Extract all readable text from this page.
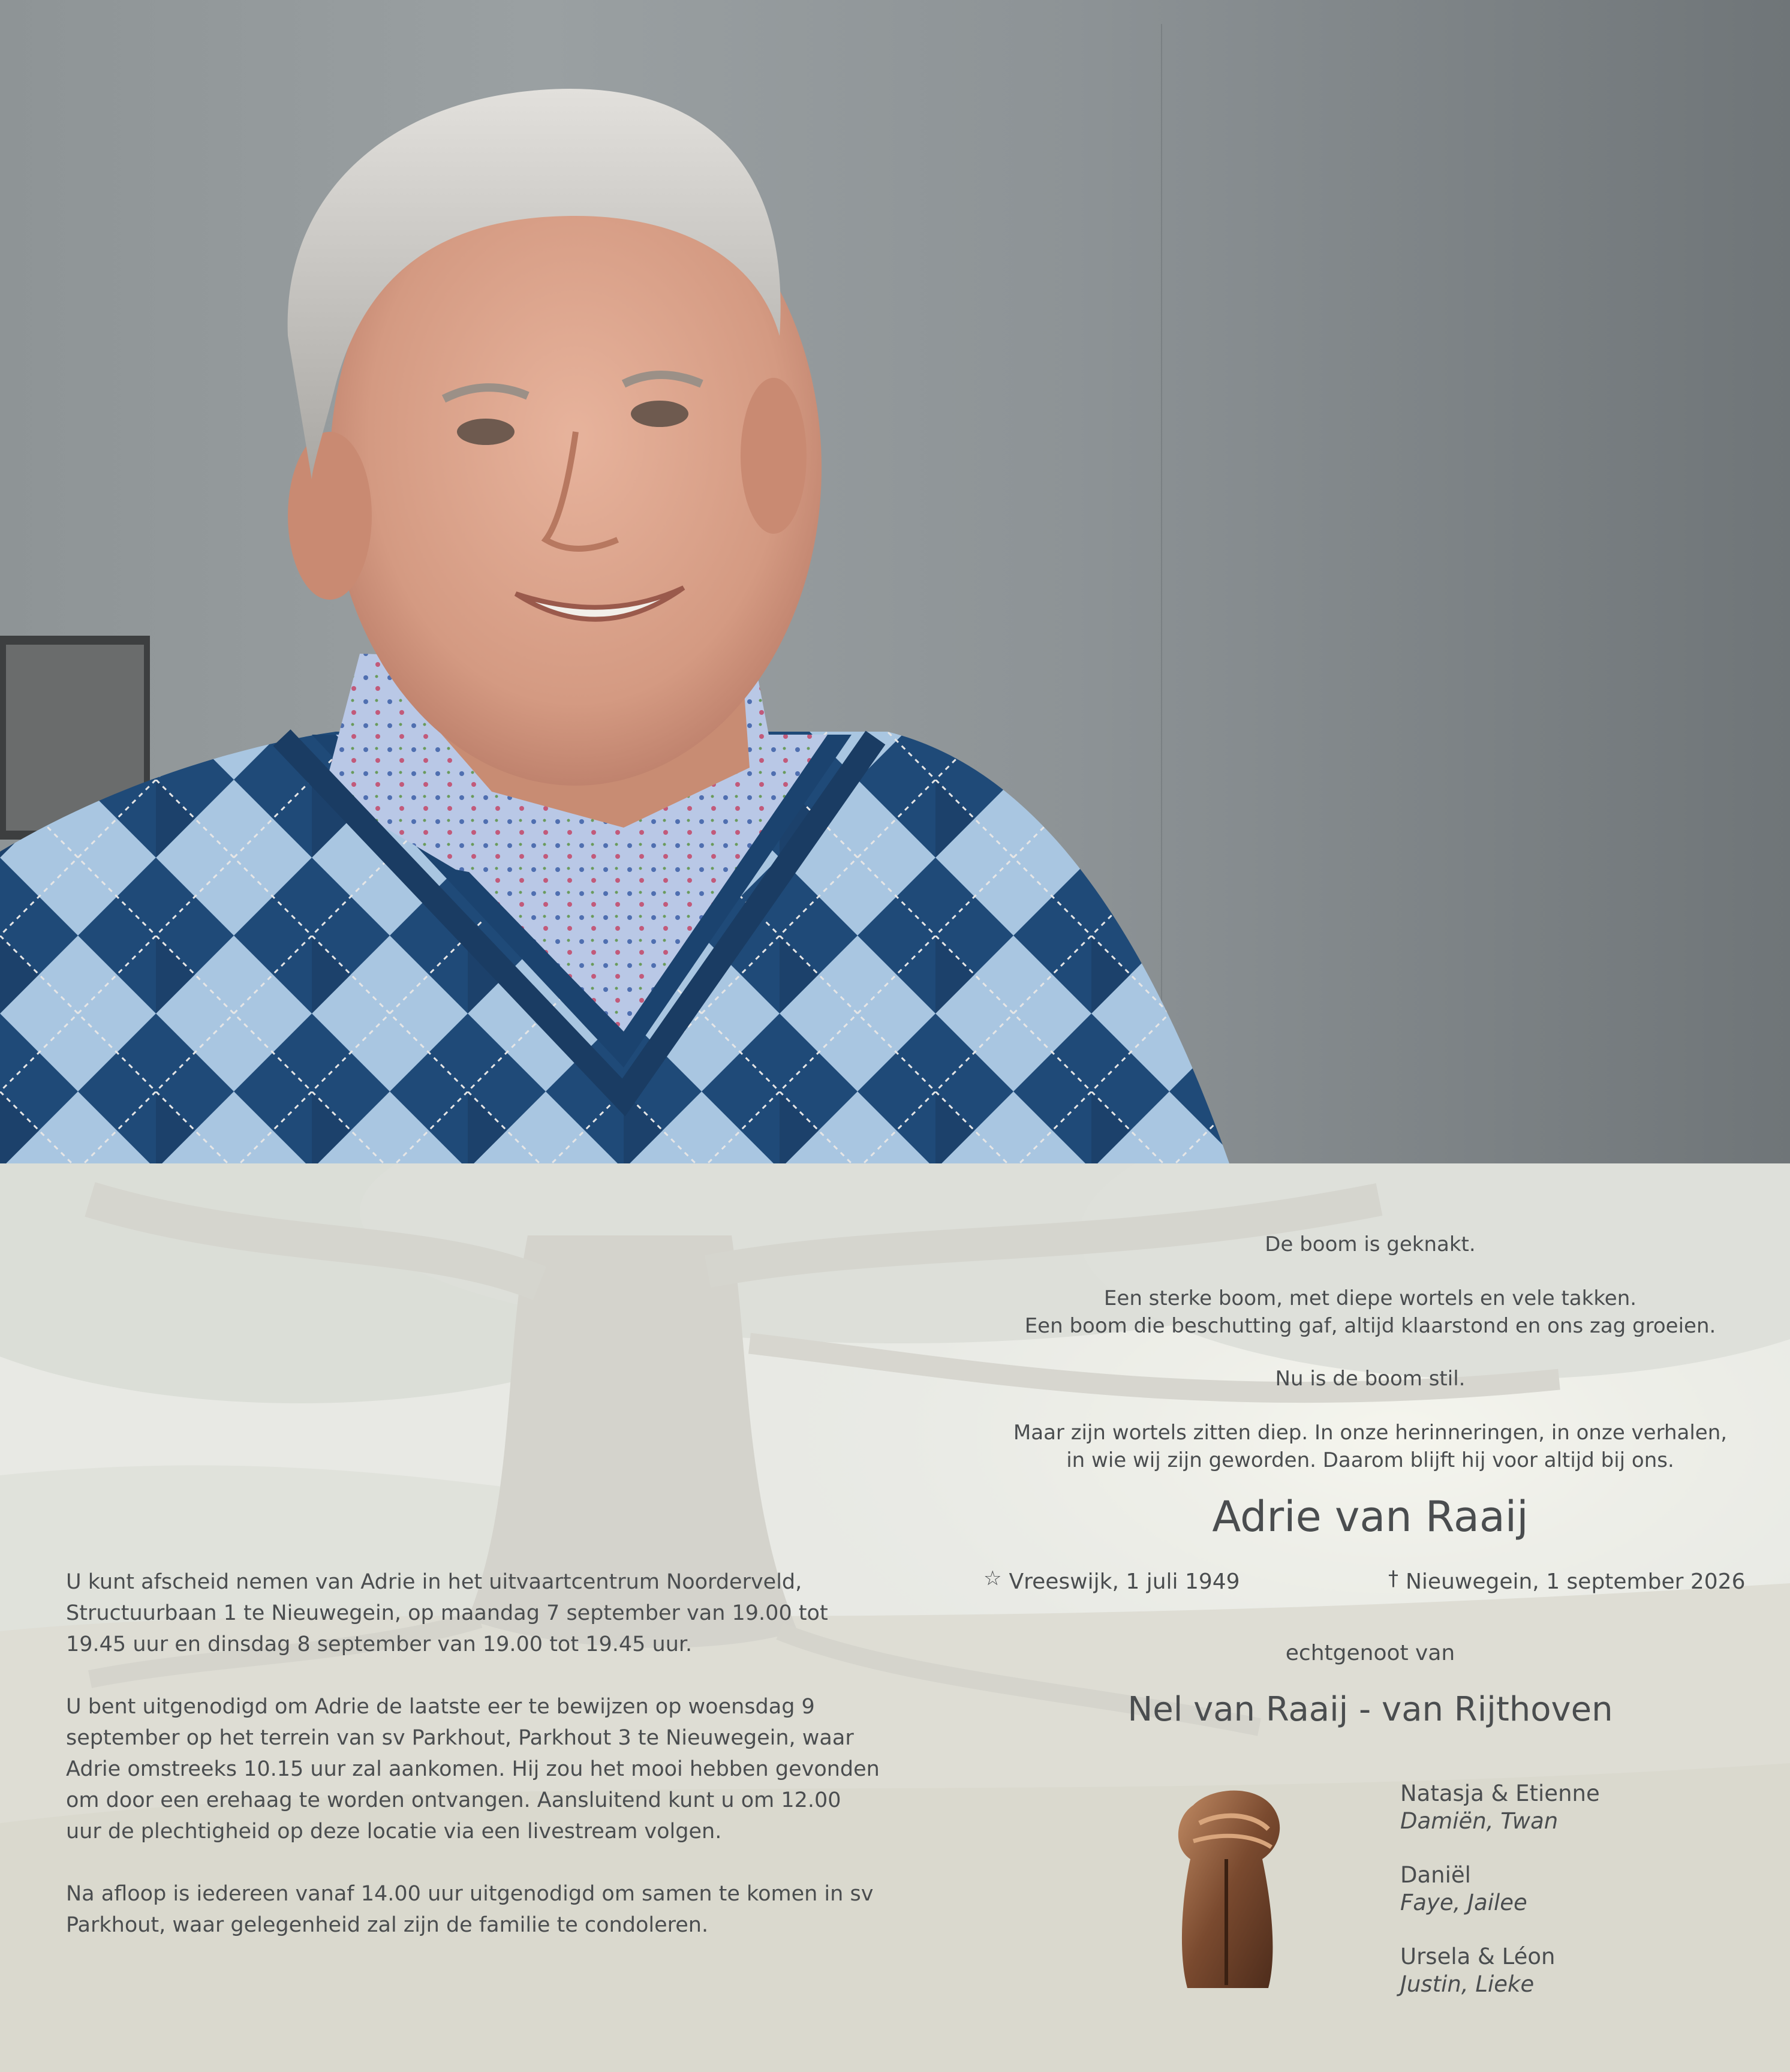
De boom is geknakt.
Een sterke boom, met diepe wortels en vele takken.
Een boom die beschutting gaf, altijd klaarstond en ons zag groeien.
Nu is de boom stil.
Maar zijn wortels zitten diep. In onze herinneringen, in onze verhalen,
in wie wij zijn geworden. Daarom blijft hij voor altijd bij ons.
Adrie van Raaij
☆ Vreeswijk, 1 juli 1949	† Nieuwegein, 1 september 2026
echtgenoot van
Nel van Raaij - van Rijthoven

U kunt afscheid nemen van Adrie in het uitvaartcentrum Noorderveld, Structuurbaan 1 te Nieuwegein, op maandag 7 september van 19.00 tot 19.45 uur en dinsdag 8 september van 19.00 tot 19.45 uur.

U bent uitgenodigd om Adrie de laatste eer te bewijzen op woensdag 9 september op het terrein van sv Parkhout, Parkhout 3 te Nieuwegein, waar Adrie omstreeks 10.15 uur zal aankomen. Hij zou het mooi hebben gevonden om door een erehaag te worden ontvangen. Aansluitend kunt u om 12.00 uur de plechtigheid op deze locatie via een livestream volgen.

Na afloop is iedereen vanaf 14.00 uur uitgenodigd om samen te komen in sv Parkhout, waar gelegenheid zal zijn de familie te condoleren.

Natasja & Etienne
Damiën, Twan
Daniël
Faye, Jailee
Ursela & Léon
Justin, Lieke
